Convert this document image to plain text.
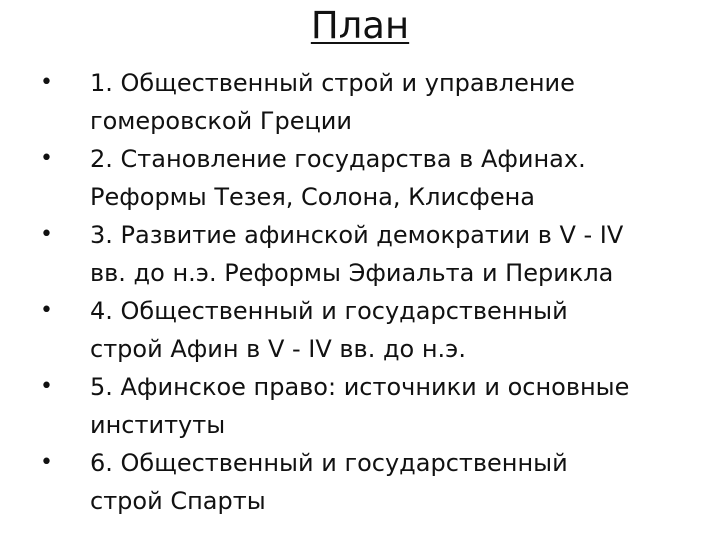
План
• 1. Общественный строй и управление
гомеровской Греции
• 2. Становление государства в Афинах.
Реформы Тезея, Солона, Клисфена
• 3. Развитие афинской демократии в V - IV
вв. до н.э. Реформы Эфиальта и Перикла
• 4. Общественный и государственный
строй Афин в V - IV вв. до н.э.
• 5. Афинское право: источники и основные
институты
• 6. Общественный и государственный
строй Спарты
